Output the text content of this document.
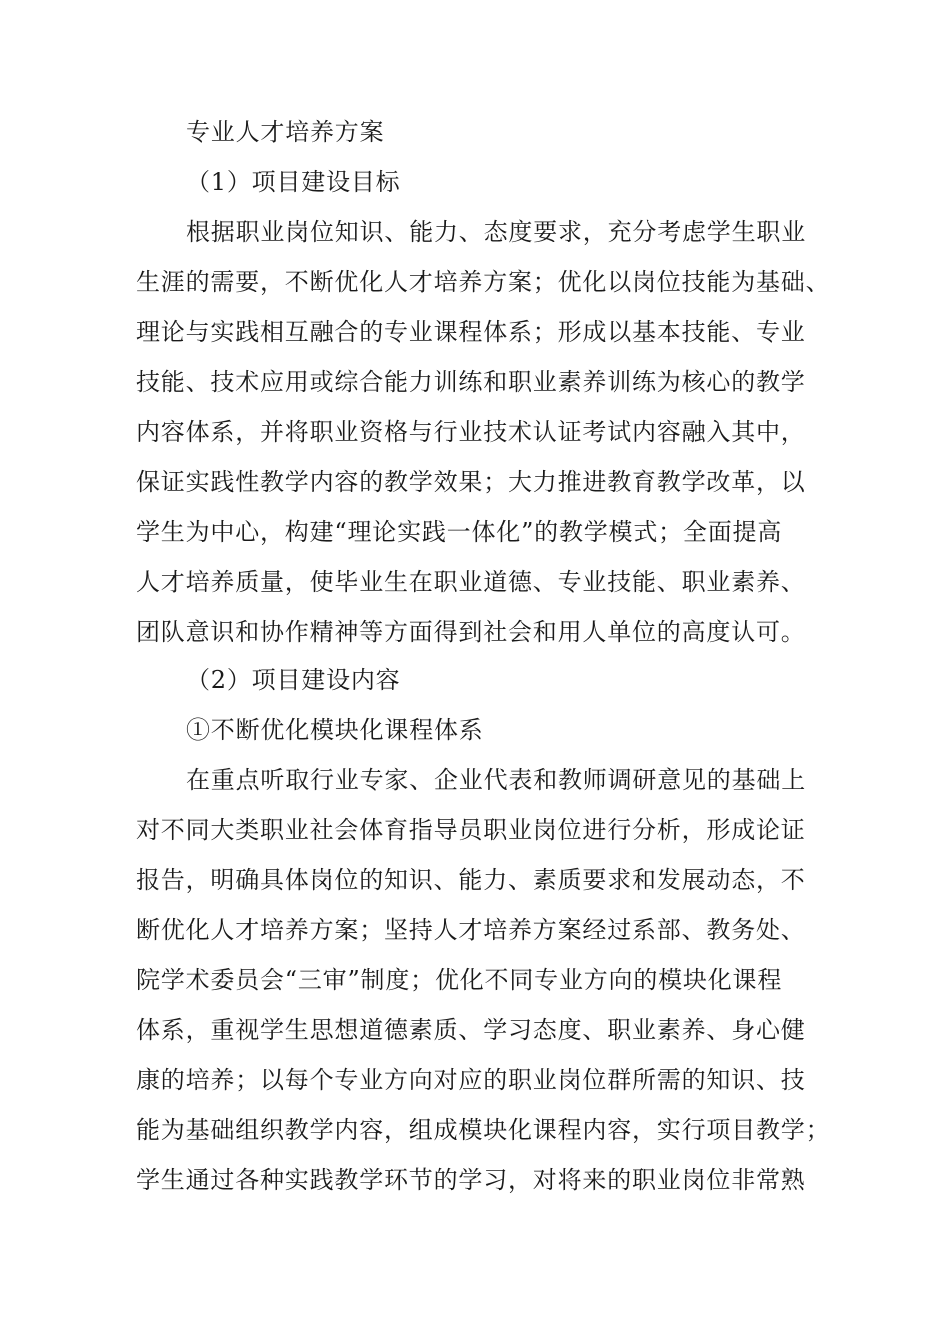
专业人才培养方案
（1）项目建设目标
根据职业岗位知识、能力、态度要求，充分考虑学生职业
生涯的需要，不断优化人才培养方案；优化以岗位技能为基础、
理论与实践相互融合的专业课程体系；形成以基本技能、专业
技能、技术应用或综合能力训练和职业素养训练为核心的教学
内容体系，并将职业资格与行业技术认证考试内容融入其中，
保证实践性教学内容的教学效果；大力推进教育教学改革，以
学生为中心，构建“理论实践一体化”的教学模式；全面提高
人才培养质量，使毕业生在职业道德、专业技能、职业素养、
团队意识和协作精神等方面得到社会和用人单位的高度认可。
（2）项目建设内容
①不断优化模块化课程体系
在重点听取行业专家、企业代表和教师调研意见的基础上
对不同大类职业社会体育指导员职业岗位进行分析，形成论证
报告，明确具体岗位的知识、能力、素质要求和发展动态，不
断优化人才培养方案；坚持人才培养方案经过系部、教务处、
院学术委员会“三审”制度；优化不同专业方向的模块化课程
体系，重视学生思想道德素质、学习态度、职业素养、身心健
康的培养；以每个专业方向对应的职业岗位群所需的知识、技
能为基础组织教学内容，组成模块化课程内容，实行项目教学；
学生通过各种实践教学环节的学习，对将来的职业岗位非常熟
